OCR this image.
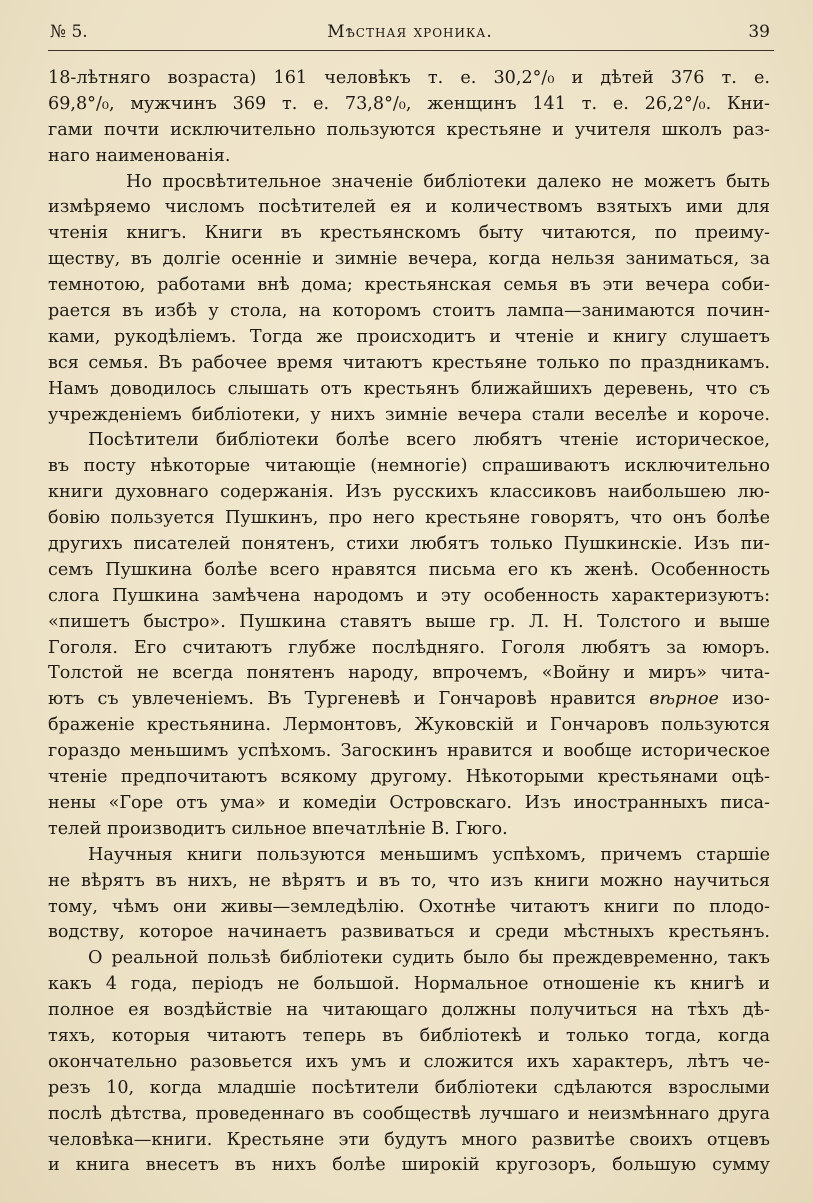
№ 5.	Мѣстная хроника.	39
18-лѣтняго возраста) 161 человѣкъ т. е. 30,2°/₀ и дѣтей 376 т. е.
69,8°/₀, мужчинъ 369 т. е. 73,8°/₀, женщинъ 141 т. е. 26,2°/₀. Кни-
гами почти исключительно пользуются крестьяне и учителя школъ раз-
наго наименованія.
Но просвѣтительное значеніе библіотеки далеко не можетъ быть
измѣряемо числомъ посѣтителей ея и количествомъ взятыхъ ими для
чтенія книгъ. Книги въ крестьянскомъ быту читаются, по преиму-
ществу, въ долгіе осенніе и зимніе вечера, когда нельзя заниматься, за
темнотою, работами внѣ дома; крестьянская семья въ эти вечера соби-
рается въ избѣ у стола, на которомъ стоитъ лампа—занимаются почин-
ками, рукодѣліемъ. Тогда же происходитъ и чтеніе и книгу слушаетъ
вся семья. Въ рабочее время читаютъ крестьяне только по праздникамъ.
Намъ доводилось слышать отъ крестьянъ ближайшихъ деревень, что съ
учрежденіемъ библіотеки, у нихъ зимніе вечера стали веселѣе и короче.
Посѣтители библіотеки болѣе всего любятъ чтеніе историческое,
въ посту нѣкоторые читающіе (немногіе) спрашиваютъ исключительно
книги духовнаго содержанія. Изъ русскихъ классиковъ наибольшею лю-
бовію пользуется Пушкинъ, про него крестьяне говорятъ, что онъ болѣе
другихъ писателей понятенъ, стихи любятъ только Пушкинскіе. Изъ пи-
семъ Пушкина болѣе всего нравятся письма его къ женѣ. Особенность
слога Пушкина замѣчена народомъ и эту особенность характеризуютъ:
«пишетъ быстро». Пушкина ставятъ выше гр. Л. Н. Толстого и выше
Гоголя. Его считаютъ глубже послѣдняго. Гоголя любятъ за юморъ.
Толстой не всегда понятенъ народу, впрочемъ, «Войну и миръ» чита-
ютъ съ увлеченіемъ. Въ Тургеневѣ и Гончаровѣ нравится вѣрное изо-
браженіе крестьянина. Лермонтовъ, Жуковскій и Гончаровъ пользуются
гораздо меньшимъ успѣхомъ. Загоскинъ нравится и вообще историческое
чтеніе предпочитаютъ всякому другому. Нѣкоторыми крестьянами оцѣ-
нены «Горе отъ ума» и комедіи Островскаго. Изъ иностранныхъ писа-
телей производитъ сильное впечатлѣніе В. Гюго.
Научныя книги пользуются меньшимъ успѣхомъ, причемъ старшіе
не вѣрятъ въ нихъ, не вѣрятъ и въ то, что изъ книги можно научиться
тому, чѣмъ они живы—земледѣлію. Охотнѣе читаютъ книги по плодо-
водству, которое начинаетъ развиваться и среди мѣстныхъ крестьянъ.
О реальной пользѣ библіотеки судить было бы преждевременно, такъ
какъ 4 года, періодъ не большой. Нормальное отношеніе къ книгѣ и
полное ея воздѣйствіе на читающаго должны получиться на тѣхъ дѣ-
тяхъ, которыя читаютъ теперь въ библіотекѣ и только тогда, когда
окончательно разовьется ихъ умъ и сложится ихъ характеръ, лѣтъ че-
резъ 10, когда младшіе посѣтители библіотеки сдѣлаются взрослыми
послѣ дѣтства, проведеннаго въ сообществѣ лучшаго и неизмѣннаго друга
человѣка—книги. Крестьяне эти будутъ много развитѣе своихъ отцевъ
и книга внесетъ въ нихъ болѣе широкій кругозоръ, большую сумму
